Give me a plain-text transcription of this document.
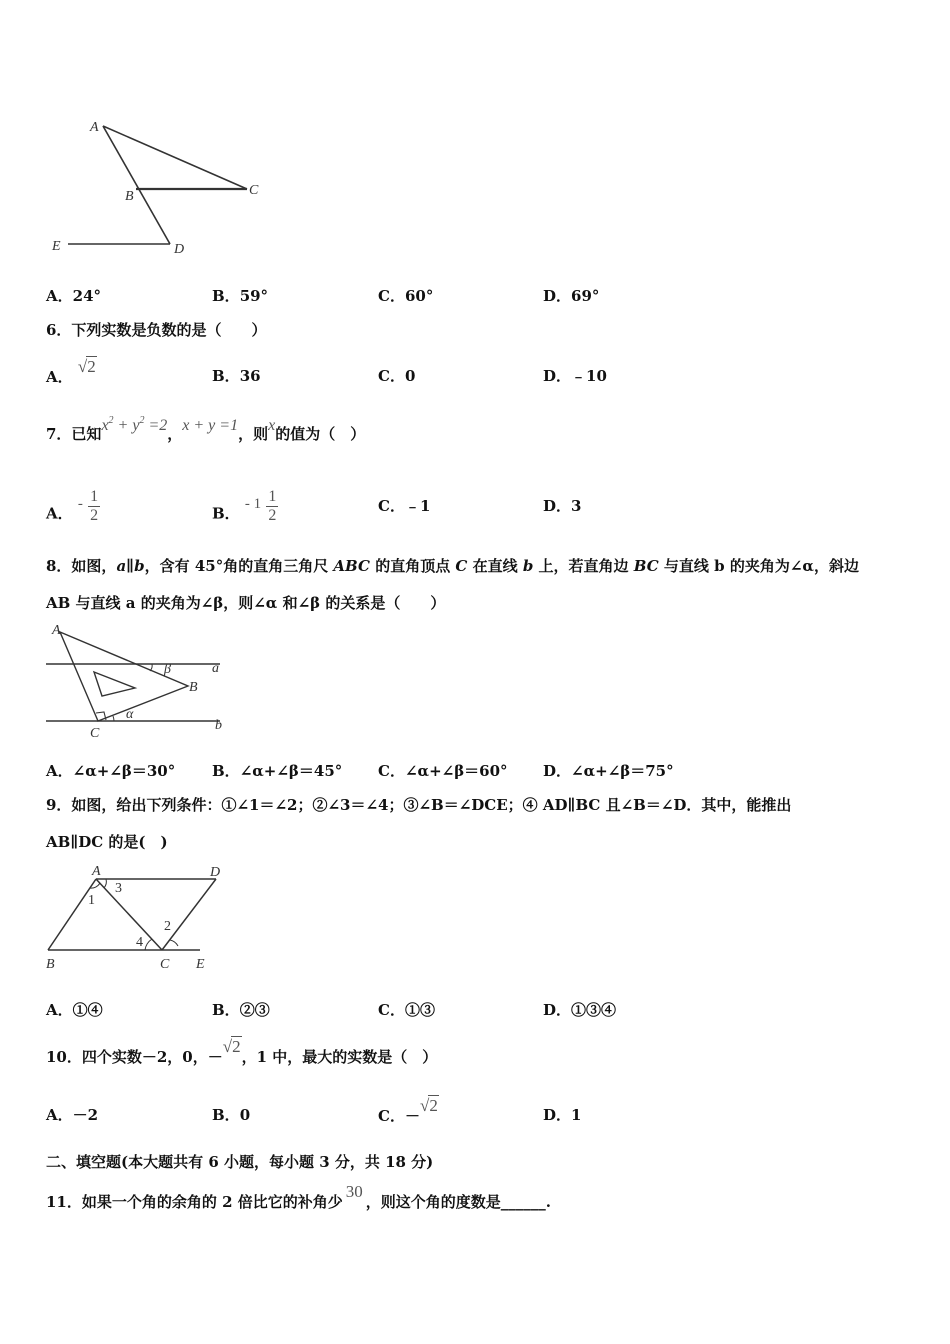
A
B	C
D
E
A．24°	B．59°	C．60°	D．69°
6．下列实数是负数的是（　　）
A． √2	B．36	C．0	D．﹣10
7．已知$x^2 + y^2 =2$，x + y =1，则x的值为（　）
A． - $\frac{1}{2}$	B． - $1 \frac{1}{2}$	C．﹣1	D．3
8．如图，a∥b，含有 45°角的直角三角尺 ABC 的直角顶点 C 在直线 b 上，若直角边 BC 与直线 b 的夹角为∠α，斜边
AB 与直线 a 的夹角为∠β，则∠α 和∠β 的关系是（　　）
A
B
C
a
b
α
β
A．∠α+∠β＝30° B．∠α+∠β＝45° C．∠α+∠β＝60° D．∠α+∠β＝75°
9．如图，给出下列条件：①∠1＝∠2；②∠3＝∠4；③∠B＝∠DCE；④ AD∥BC 且∠B＝∠D．其中，能推出
AB∥DC 的是(　)
A	D
B	C E
1
2
3
4
A．①④	B．②③	C．①③	D．①③④
10．四个实数－2，0，－√2，1 中，最大的实数是（　）
A．－2	B．0	C．－√2	D．1
二、填空题(本大题共有 6 小题，每小题 3 分，共 18 分)
11．如果一个角的余角的 2 倍比它的补角少30，则这个角的度数是______.
